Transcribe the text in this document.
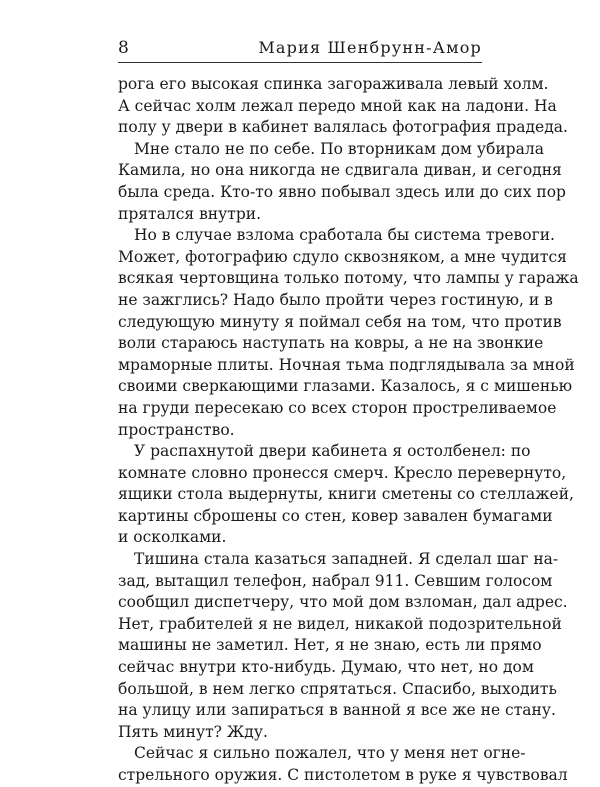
8	Мария Шенбрунн-Амор
рога его высокая спинка загораживала левый холм.
А сейчас холм лежал передо мной как на ладони. На
полу у двери в кабинет валялась фотография прадеда.
Мне стало не по себе. По вторникам дом убирала
Камила, но она никогда не сдвигала диван, и сегодня
была среда. Кто-то явно побывал здесь или до сих пор
прятался внутри.
Но в случае взлома сработала бы система тревоги.
Может, фотографию сдуло сквозняком, а мне чудится
всякая чертовщина только потому, что лампы у гаража
не зажглись? Надо было пройти через гостиную, и в
следующую минуту я поймал себя на том, что против
воли стараюсь наступать на ковры, а не на звонкие
мраморные плиты. Ночная тьма подглядывала за мной
своими сверкающими глазами. Казалось, я с мишенью
на груди пересекаю со всех сторон простреливаемое
пространство.
У распахнутой двери кабинета я остолбенел: по
комнате словно пронесся смерч. Кресло перевернуто,
ящики стола выдернуты, книги сметены со стеллажей,
картины сброшены со стен, ковер завален бумагами
и осколками.
Тишина стала казаться западней. Я сделал шаг на-
зад, вытащил телефон, набрал 911. Севшим голосом
сообщил диспетчеру, что мой дом взломан, дал адрес.
Нет, грабителей я не видел, никакой подозрительной
машины не заметил. Нет, я не знаю, есть ли прямо
сейчас внутри кто-нибудь. Думаю, что нет, но дом
большой, в нем легко спрятаться. Спасибо, выходить
на улицу или запираться в ванной я все же не стану.
Пять минут? Жду.
Сейчас я сильно пожалел, что у меня нет огне-
стрельного оружия. С пистолетом в руке я чувствовал
